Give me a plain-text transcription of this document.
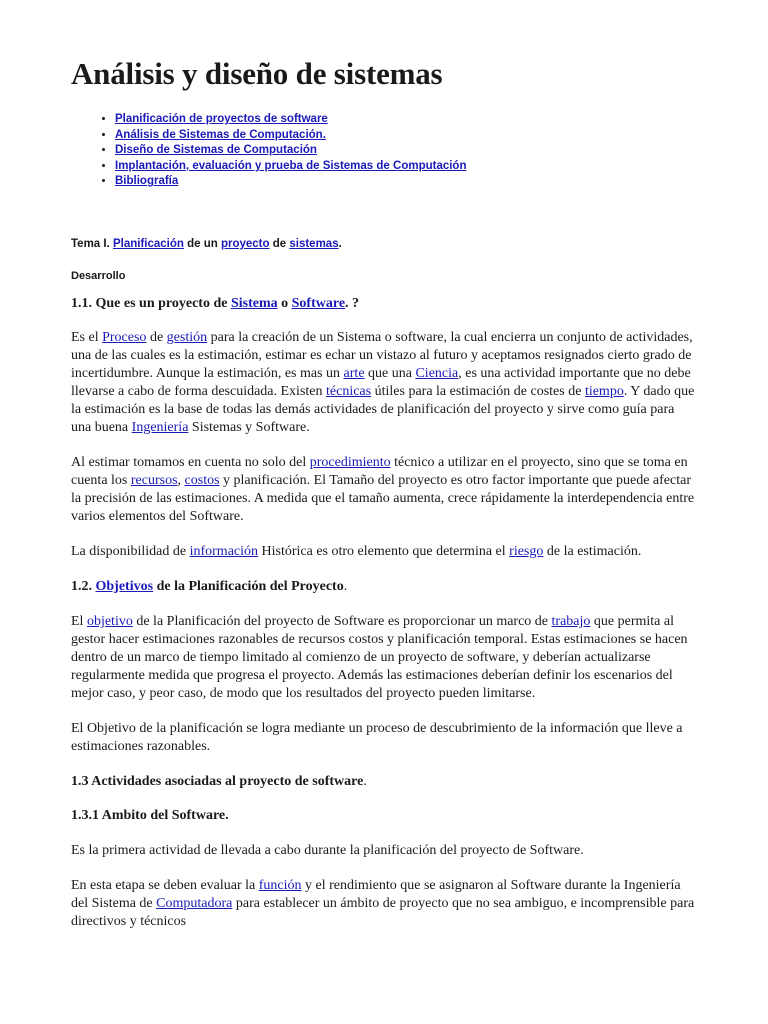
Análisis y diseño de sistemas
• Planificación de proyectos de software
• Análisis de Sistemas de Computación.
• Diseño de Sistemas de Computación
• Implantación, evaluación y prueba de Sistemas de Computación
• Bibliografía
Tema I. Planificación de un proyecto de sistemas.
Desarrollo
1.1. Que es un proyecto de Sistema o Software. ?

Es el Proceso de gestión para la creación de un Sistema o software, la cual encierra un conjunto de actividades, una de las cuales es la estimación, estimar es echar un vistazo al futuro y aceptamos resignados cierto grado de incertidumbre. Aunque la estimación, es mas un arte que una Ciencia, es una actividad importante que no debe llevarse a cabo de forma descuidada. Existen técnicas útiles para la estimación de costes de tiempo. Y dado que la estimación es la base de todas las demás actividades de planificación del proyecto y sirve como guía para una buena Ingeniería Sistemas y Software.

Al estimar tomamos en cuenta no solo del procedimiento técnico a utilizar en el proyecto, sino que se toma en cuenta los recursos, costos y planificación. El Tamaño del proyecto es otro factor importante que puede afectar la precisión de las estimaciones. A medida que el tamaño aumenta, crece rápidamente la interdependencia entre varios elementos del Software.

La disponibilidad de información Histórica es otro elemento que determina el riesgo de la estimación.

1.2. Objetivos de la Planificación del Proyecto.

El objetivo de la Planificación del proyecto de Software es proporcionar un marco de trabajo que permita al gestor hacer estimaciones razonables de recursos costos y planificación temporal. Estas estimaciones se hacen dentro de un marco de tiempo limitado al comienzo de un proyecto de software, y deberían actualizarse regularmente medida que progresa el proyecto. Además las estimaciones deberían definir los escenarios del mejor caso, y peor caso, de modo que los resultados del proyecto pueden limitarse.

El Objetivo de la planificación se logra mediante un proceso de descubrimiento de la información que lleve a estimaciones razonables.

1.3 Actividades asociadas al proyecto de software.
1.3.1 Ambito del Software.

Es la primera actividad de llevada a cabo durante la planificación del proyecto de Software.

En esta etapa se deben evaluar la función y el rendimiento que se asignaron al Software durante la Ingeniería del Sistema de Computadora para establecer un ámbito de proyecto que no sea ambiguo, e incomprensible para directivos y técnicos
